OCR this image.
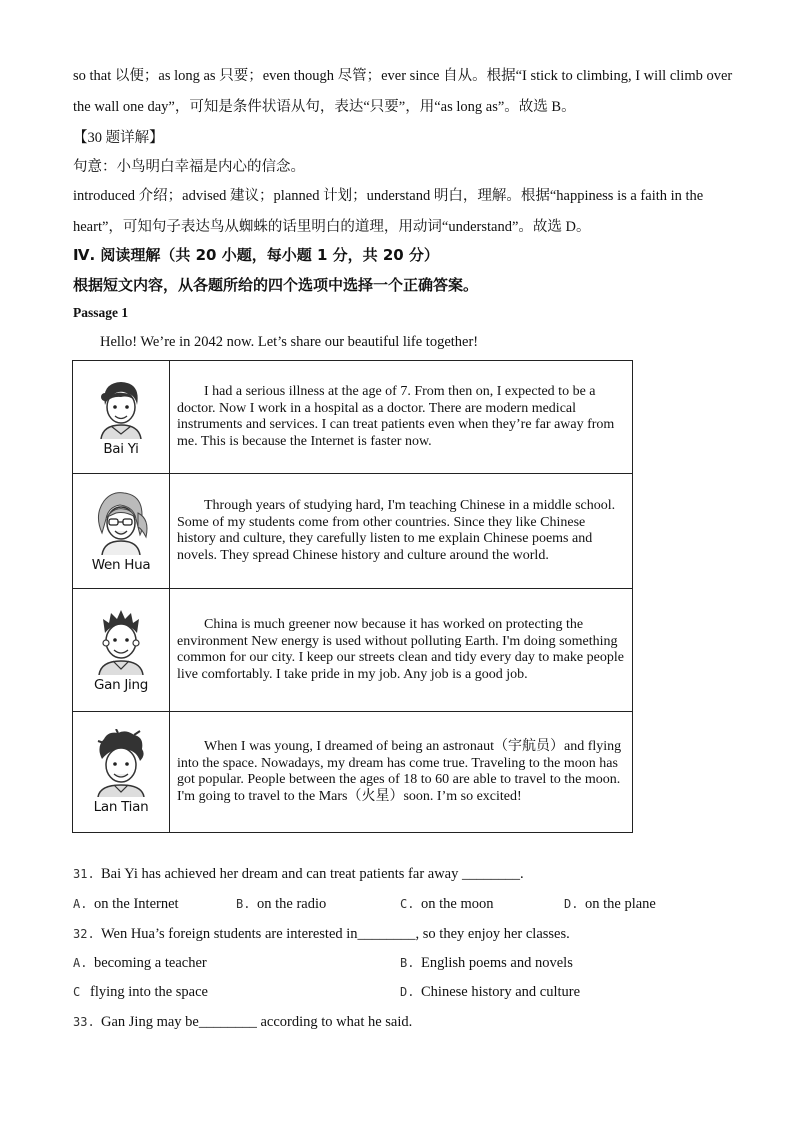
so that 以便；as long as 只要；even though 尽管；ever since 自从。根据“I stick to climbing, I will climb over
the wall one day”，可知是条件状语从句，表达“只要”，用“as long as”。故选 B。
【30 题详解】
句意：小鸟明白幸福是内心的信念。
introduced 介绍；advised 建议；planned 计划；understand 明白，理解。根据“happiness is a faith in the
heart”，可知句子表达鸟从蜘蛛的话里明白的道理，用动词“understand”。故选 D。
Ⅳ. 阅读理解（共 20 小题，每小题 1 分，共 20 分）
根据短文内容，从各题所给的四个选项中选择一个正确答案。
Passage 1
Hello! We’re in 2042 now. Let’s share our beautiful life together!
Bai Yi	I had a serious illness at the age of 7. From then on, I expected to be a doctor. Now I work in a hospital as a doctor. There are modern medical instruments and services. I can treat patients even when they’re far away from me. This is because the Internet is faster now.

Wen Hua	Through years of studying hard, I'm teaching Chinese in a middle school. Some of my students come from other countries. Since they like Chinese history and culture, they carefully listen to me explain Chinese poems and novels. They spread Chinese history and culture around the world.

Gan Jing	China is much greener now because it has worked on protecting the environment New energy is used without polluting Earth. I'm doing something common for our city. I keep our streets clean and tidy every day to make people live comfortably. I take pride in my job. Any job is a good job.

Lan Tian	When I was young, I dreamed of being an astronaut（宇航员）and flying into the space. Nowadays, my dream has come true. Traveling to the moon has got popular. People between the ages of 18 to 60 are able to travel to the moon. I'm going to travel to the Mars（火星）soon. I’m so excited!
31. Bai Yi has achieved her dream and can treat patients far away ________.
A. on the Internet	B. on the radio	C. on the moon	D. on the plane
32. Wen Hua’s foreign students are interested in________, so they enjoy her classes.
A. becoming a teacher	B. English poems and novels
C flying into the space	D. Chinese history and culture
33. Gan Jing may be________ according to what he said.
